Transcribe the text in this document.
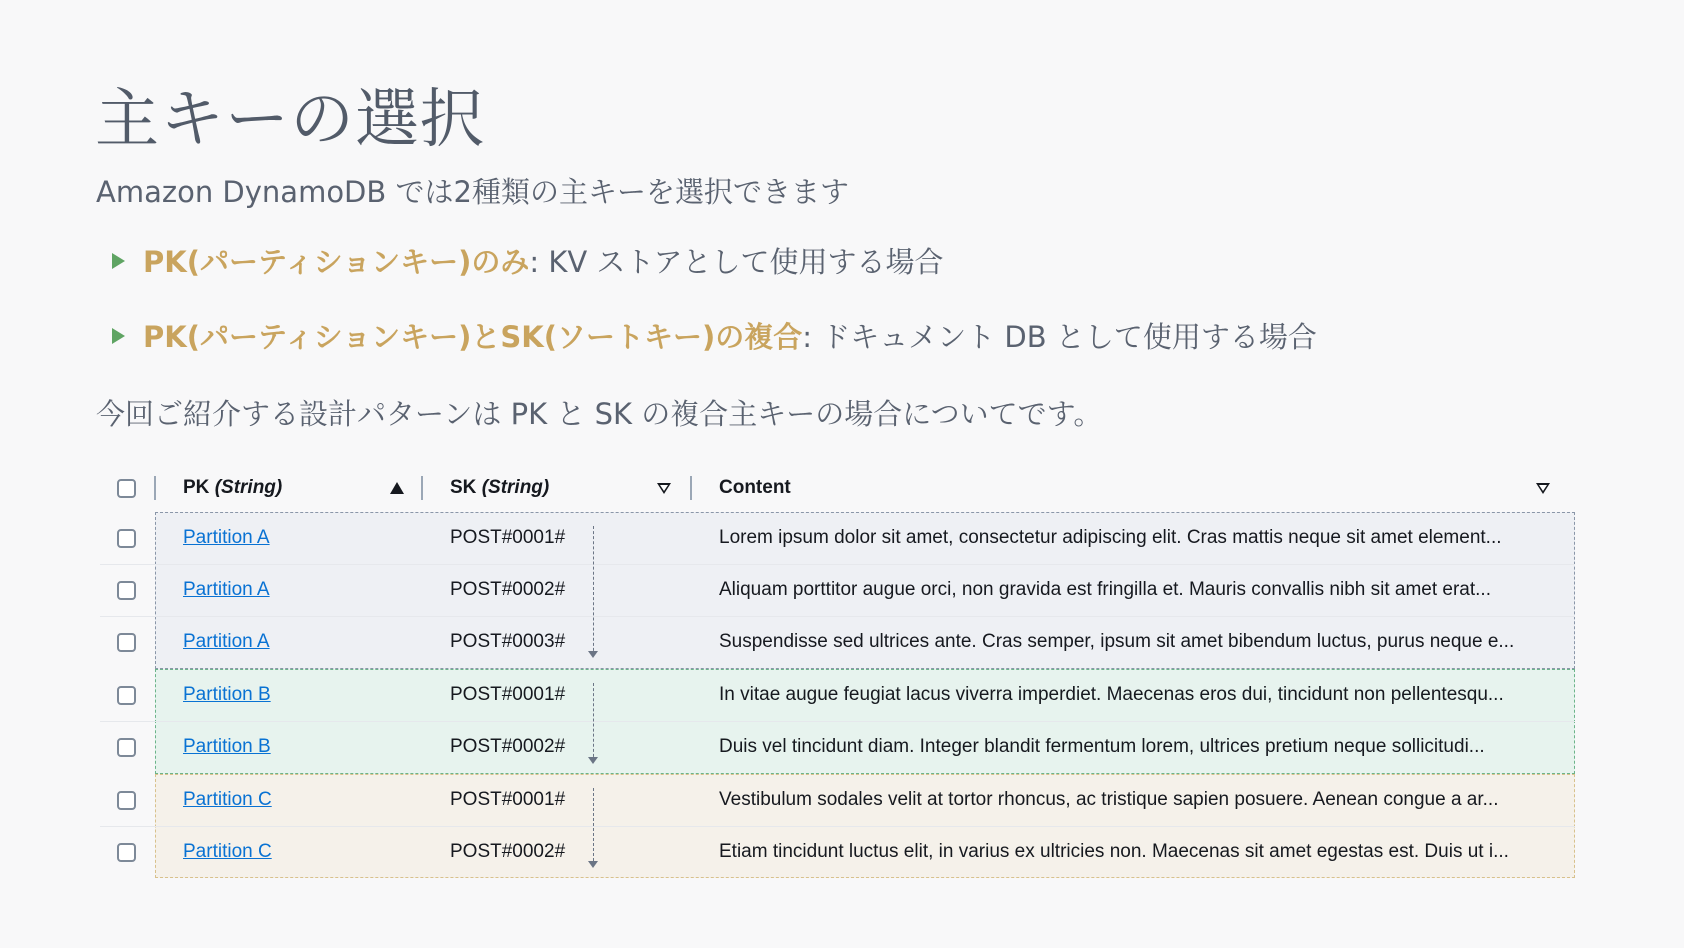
主キーの選択
Amazon DynamoDB では2種類の主キーを選択できます
PK(パーティションキー)のみ : KV ストアとして使用する場合
PK(パーティションキー)とSK(ソートキー)の複合 : ドキュメント DB として使用する場合
今回ご紹介する設計パターンは PK と SK の複合主キーの場合についてです。
PK (String)	SK (String)	Content
Partition A	POST#0001#	Lorem ipsum dolor sit amet, consectetur adipiscing elit. Cras mattis neque sit amet element...
Partition A	POST#0002#	Aliquam porttitor augue orci, non gravida est fringilla et. Mauris convallis nibh sit amet erat...
Partition A	POST#0003#	Suspendisse sed ultrices ante. Cras semper, ipsum sit amet bibendum luctus, purus neque e...
Partition B	POST#0001#	In vitae augue feugiat lacus viverra imperdiet. Maecenas eros dui, tincidunt non pellentesqu...
Partition B	POST#0002#	Duis vel tincidunt diam. Integer blandit fermentum lorem, ultrices pretium neque sollicitudi...
Partition C	POST#0001#	Vestibulum sodales velit at tortor rhoncus, ac tristique sapien posuere. Aenean congue a ar...
Partition C	POST#0002#	Etiam tincidunt luctus elit, in varius ex ultricies non. Maecenas sit amet egestas est. Duis ut i...
